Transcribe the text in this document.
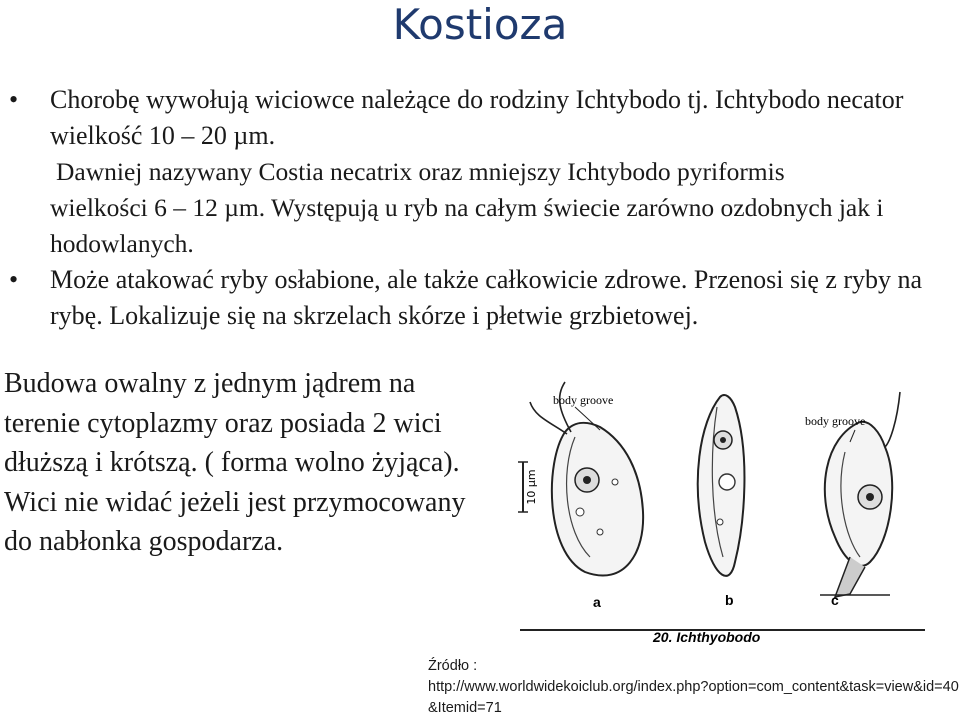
Kostioza
• Chorobę wywołują wiciowce należące do rodziny Ichtybodo tj. Ichtybodo necator wielkość 10 – 20 µm.
Dawniej nazywany Costia necatrix oraz mniejszy Ichtybodo pyriformis
wielkości 6 – 12 µm. Występują u ryb na całym świecie zarówno ozdobnych jak i hodowlanych.
• Może atakować ryby osłabione, ale także całkowicie zdrowe. Przenosi się z ryby na rybę. Lokalizuje się na skrzelach skórze i płetwie grzbietowej.
Budowa owalny z jednym jądrem na terenie cytoplazmy oraz posiada 2 wici dłuższą i krótszą. ( forma wolno żyjąca). Wici nie widać jeżeli jest przymocowany do nabłonka gospodarza.
10 µm
body groove
body groove
a	b	c
20. Ichthyobodo
Źródło :
http://www.worldwidekoiclub.org/index.php?option=com_content&task=view&id=40&Itemid=71
